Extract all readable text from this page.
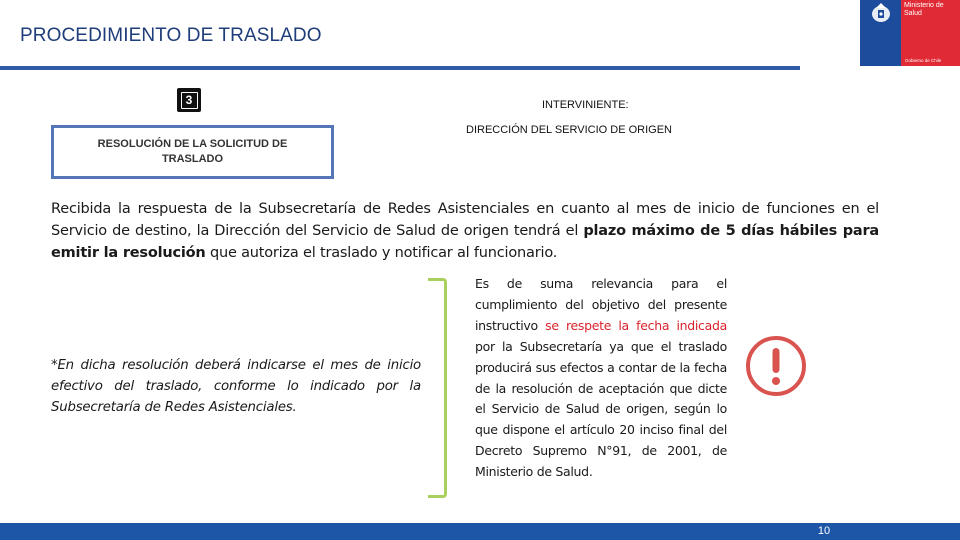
PROCEDIMIENTO DE TRASLADO
Ministerio de Salud
Gobierno de Chile
3
RESOLUCIÓN DE LA SOLICITUD DE TRASLADO
INTERVINIENTE:
DIRECCIÓN DEL SERVICIO DE ORIGEN
Recibida la respuesta de la Subsecretaría de Redes Asistenciales en cuanto al mes de inicio de funciones en el Servicio de destino, la Dirección del Servicio de Salud de origen tendrá el plazo máximo de 5 días hábiles para emitir la resolución que autoriza el traslado y notificar al funcionario.
*En dicha resolución deberá indicarse el mes de inicio efectivo del traslado, conforme lo indicado por la Subsecretaría de Redes Asistenciales.
Es de suma relevancia para el cumplimiento del objetivo del presente instructivo se respete la fecha indicada por la Subsecretaría ya que el traslado producirá sus efectos a contar de la fecha de la resolución de aceptación que dicte el Servicio de Salud de origen, según lo que dispone el artículo 20 inciso final del Decreto Supremo N°91, de 2001, de Ministerio de Salud.
10
